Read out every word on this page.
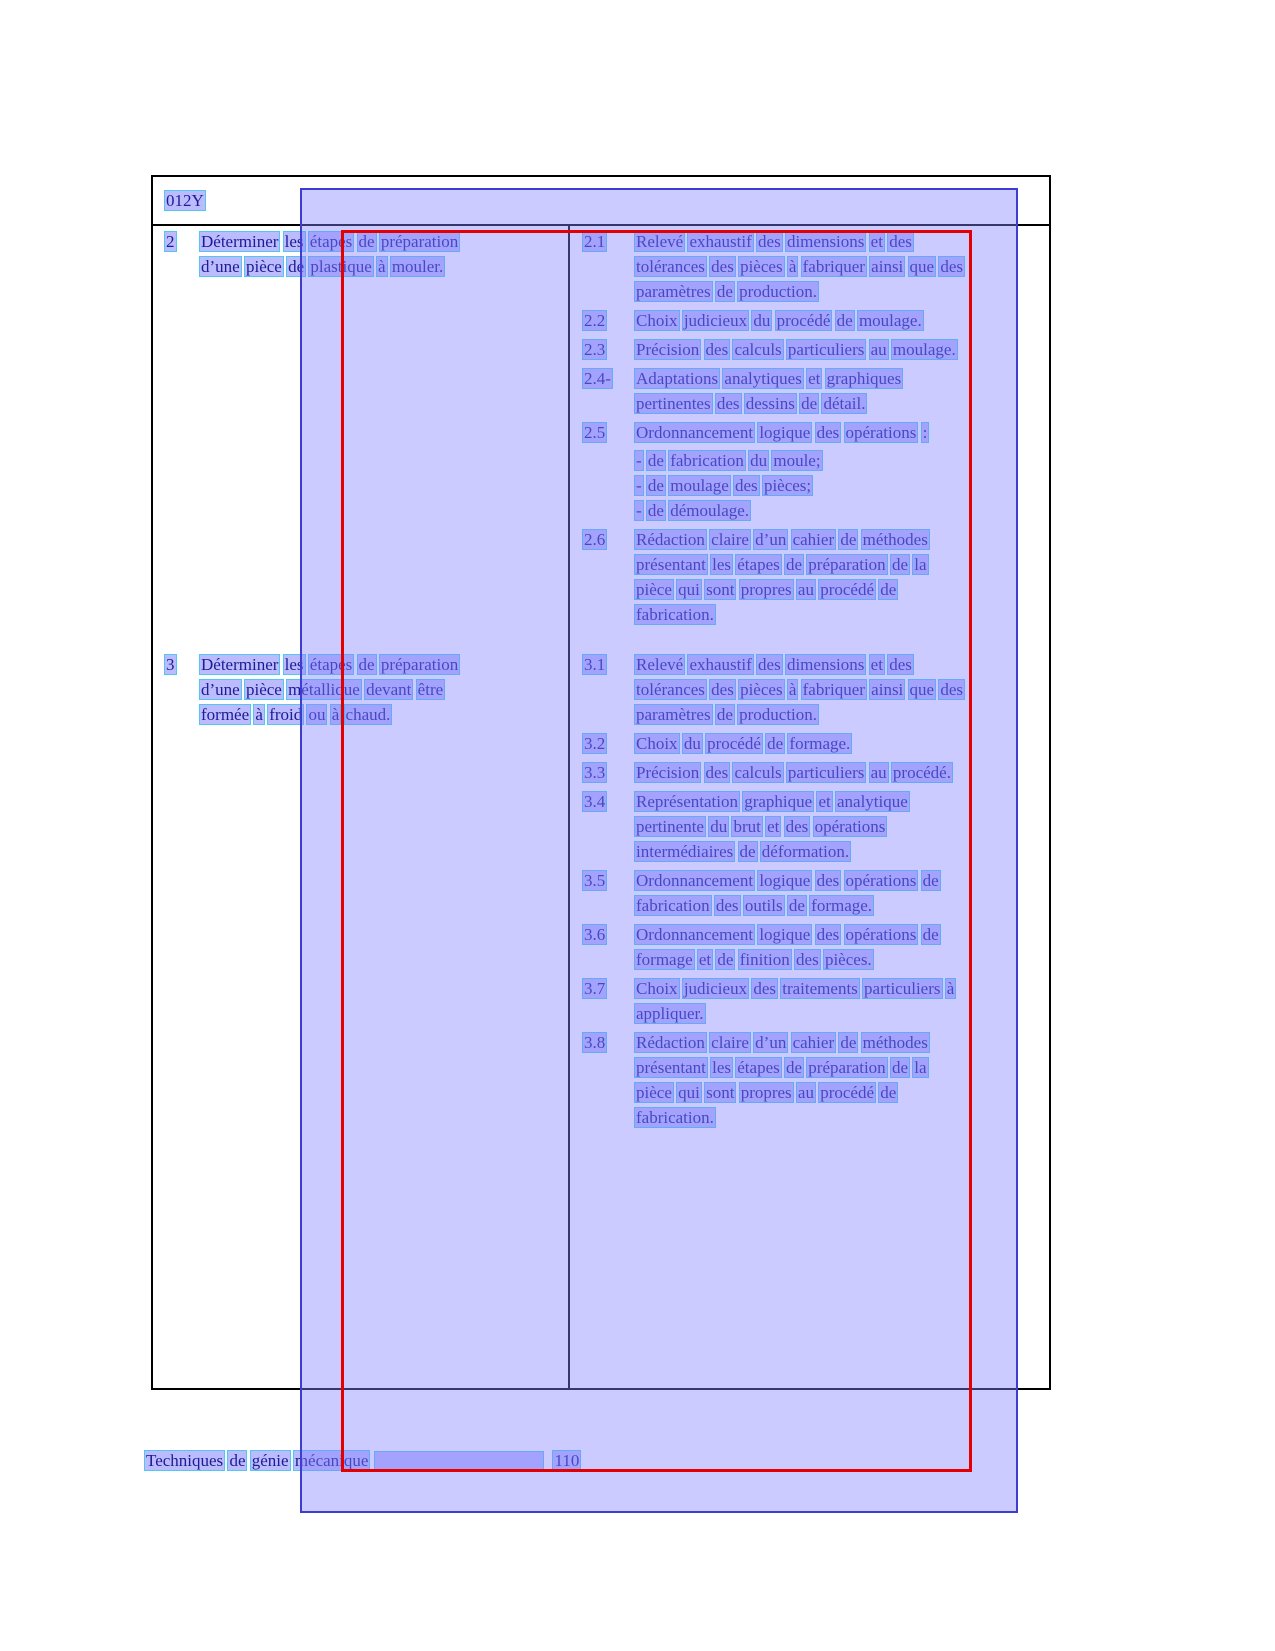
012Y
2	Déterminer les étapes de préparation
d’une pièce de plastique à mouler.
2.1	Relevé exhaustif des dimensions et des
tolérances des pièces à fabriquer ainsi que des
paramètres de production.
2.2	Choix judicieux du procédé de moulage.
2.3	Précision des calculs particuliers au moulage.
2.4-	Adaptations analytiques et graphiques
pertinentes des dessins de détail.
2.5	Ordonnancement logique des opérations :
- de fabrication du moule;
- de moulage des pièces;
- de démoulage.
2.6	Rédaction claire d’un cahier de méthodes
présentant les étapes de préparation de la
pièce qui sont propres au procédé de
fabrication.
3	Déterminer les étapes de préparation
d’une pièce métallique devant être
formée à froid ou à chaud.
3.1	Relevé exhaustif des dimensions et des
tolérances des pièces à fabriquer ainsi que des
paramètres de production.
3.2	Choix du procédé de formage.
3.3	Précision des calculs particuliers au procédé.
3.4	Représentation graphique et analytique
pertinente du brut et des opérations
intermédiaires de déformation.
3.5	Ordonnancement logique des opérations de
fabrication des outils de formage.
3.6	Ordonnancement logique des opérations de
formage et de finition des pièces.
3.7	Choix judicieux des traitements particuliers à
appliquer.
3.8	Rédaction claire d’un cahier de méthodes
présentant les étapes de préparation de la
pièce qui sont propres au procédé de
fabrication.
Techniques de génie mécanique	110
